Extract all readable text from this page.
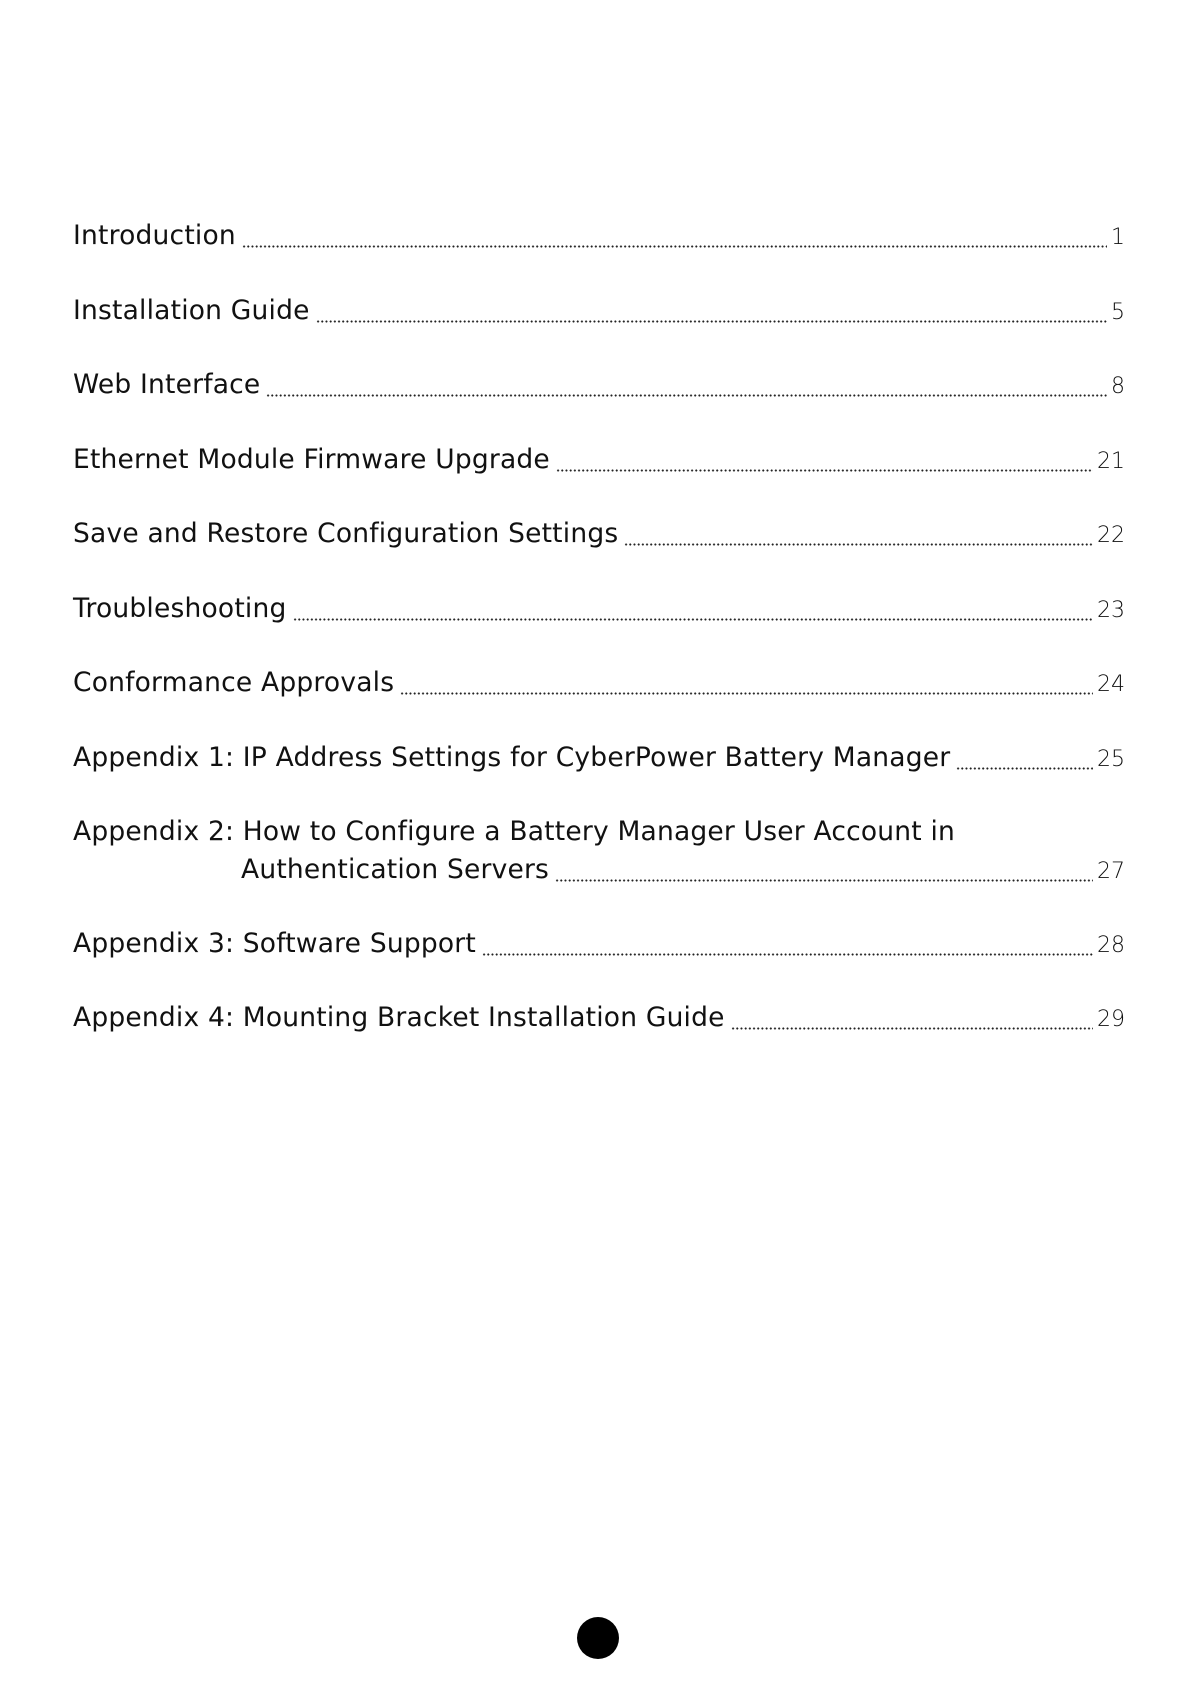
Introduction	1
Installation Guide	5
Web Interface	8
Ethernet Module Firmware Upgrade	21
Save and Restore Configuration Settings	22
Troubleshooting	23
Conformance Approvals	24
Appendix 1: IP Address Settings for CyberPower Battery Manager	25
Appendix 2: How to Configure a Battery Manager User Account in
Authentication Servers	27
Appendix 3: Software Support	28
Appendix 4: Mounting Bracket Installation Guide	29
